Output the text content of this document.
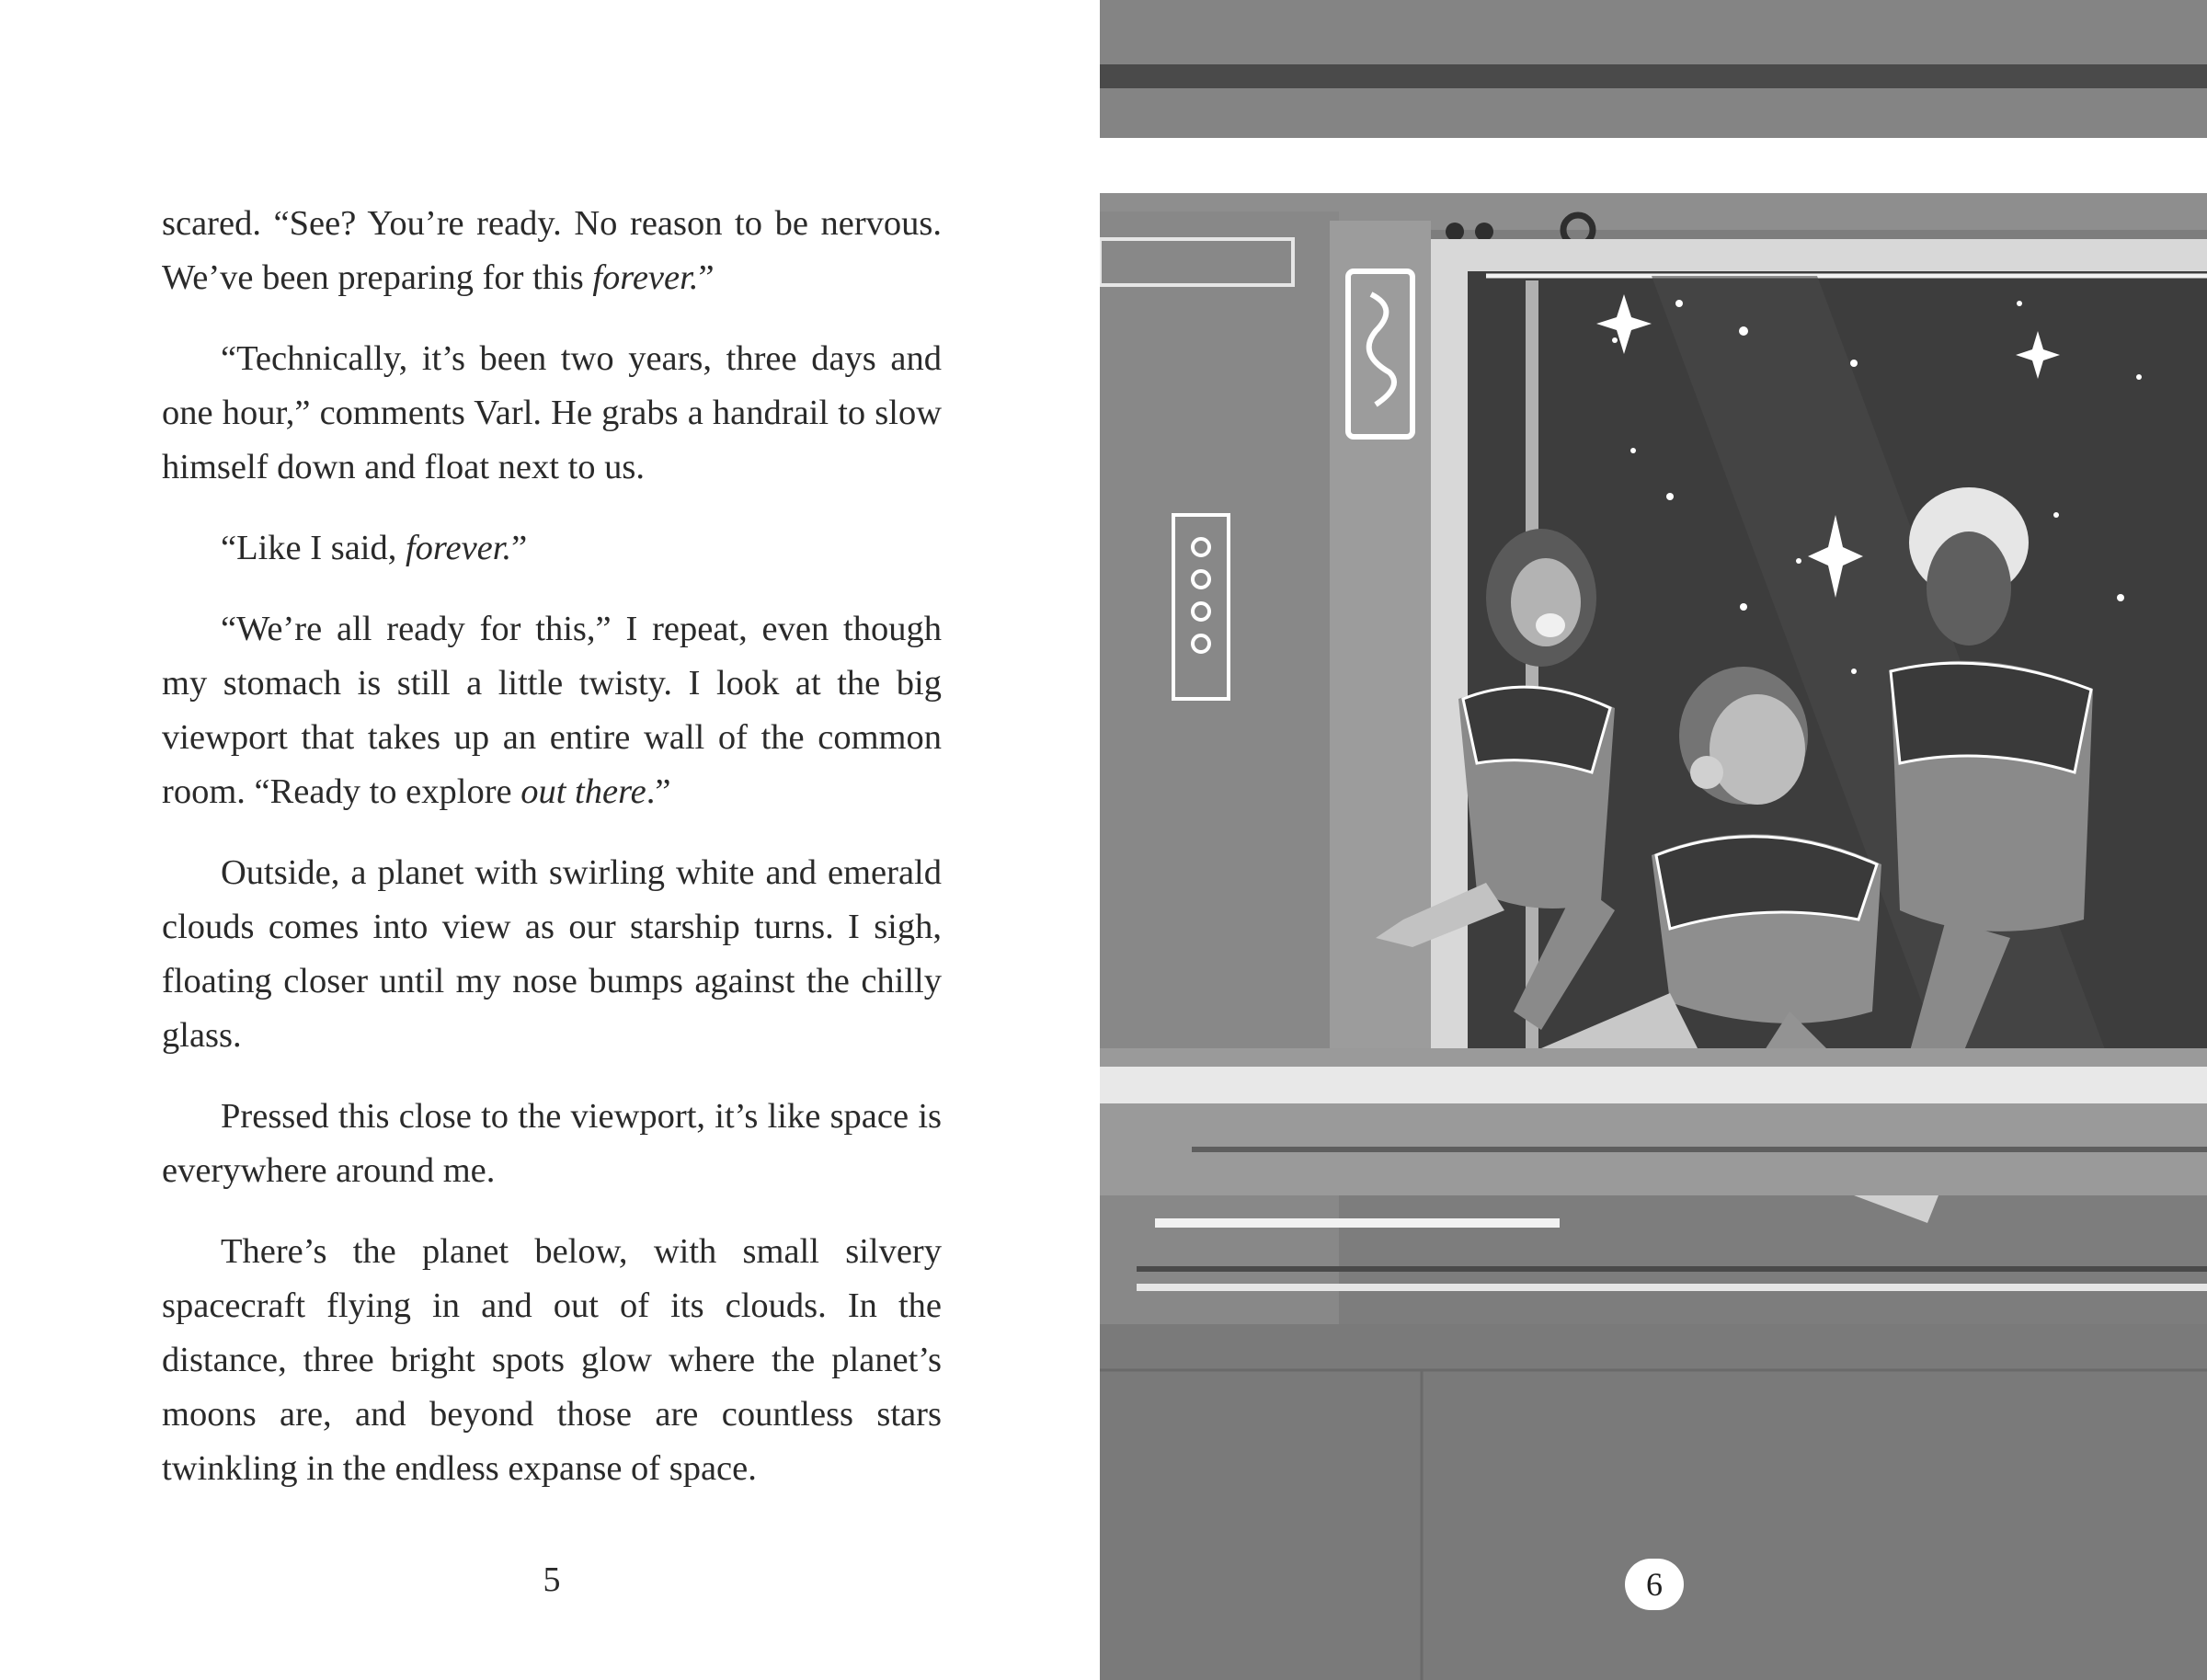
scared. “See? You’re ready. No reason to be nervous. We’ve been preparing for this forever.”

“Technically, it’s been two years, three days and one hour,” comments Varl. He grabs a handrail to slow himself down and float next to us.

“Like I said, forever.”

“We’re all ready for this,” I repeat, even though my stomach is still a little twisty. I look at the big viewport that takes up an entire wall of the common room. “Ready to explore out there.”

Outside, a planet with swirling white and emerald clouds comes into view as our starship turns. I sigh, floating closer until my nose bumps against the chilly glass.

Pressed this close to the viewport, it’s like space is everywhere around me.

There’s the planet below, with small silvery spacecraft flying in and out of its clouds. In the distance, three bright spots glow where the planet’s moons are, and beyond those are countless stars twinkling in the endless expanse of space.

5	6
